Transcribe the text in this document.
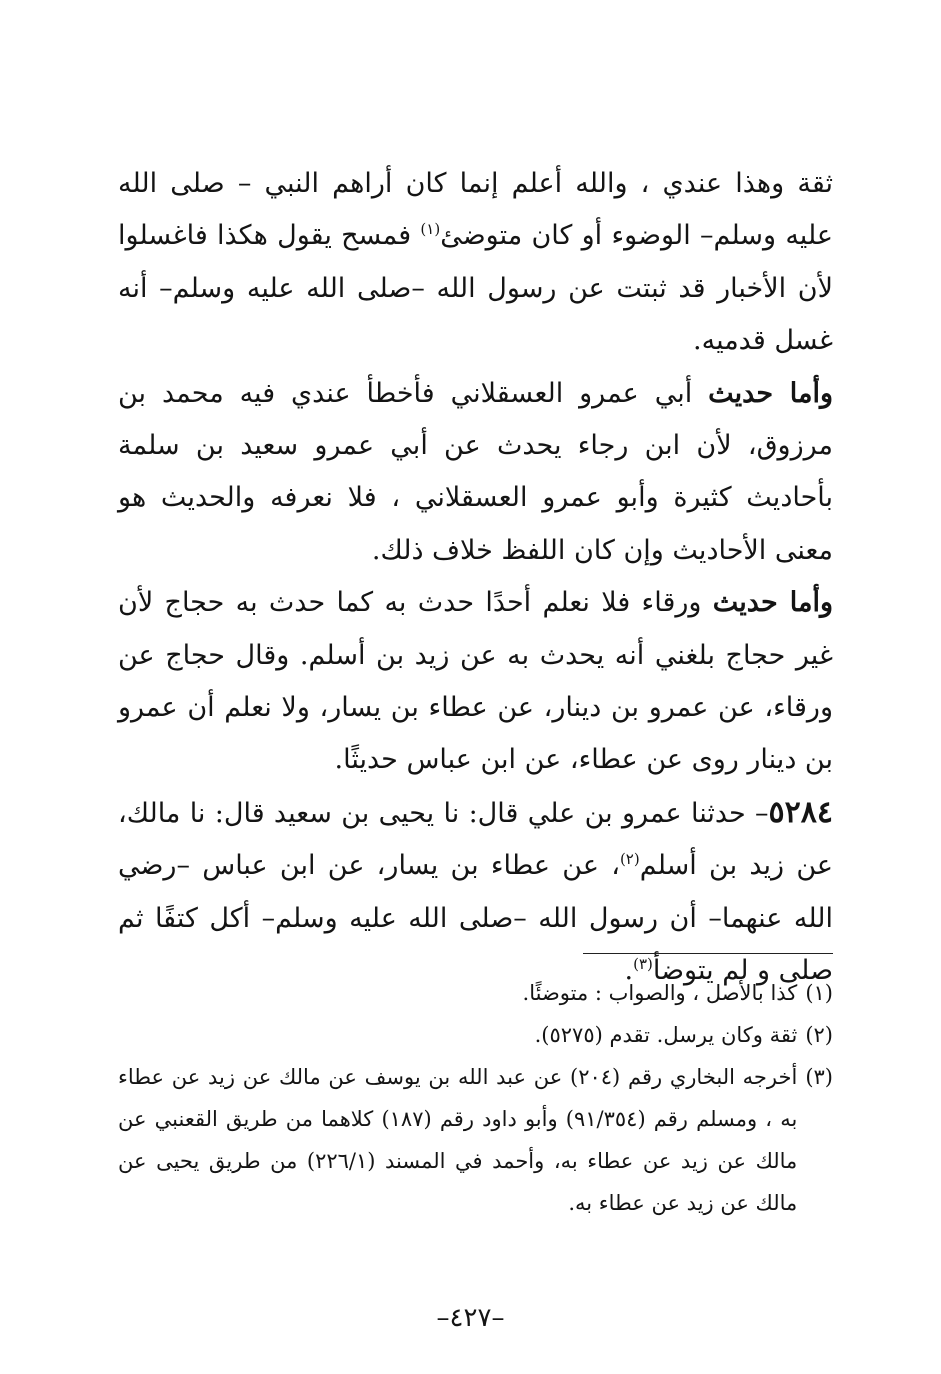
ثقة وهذا عندي ، والله أعلم إنما كان أراهم النبي – صلى الله عليه وسلم– الوضوء أو كان متوضئ$^{(١)}$ فمسح يقول هكذا فاغسلوا لأن الأخبار قد ثبتت عن رسول الله –صلى الله عليه وسلم– أنه غسل قدميه.

وأما حديث أبي عمرو العسقلاني فأخطأ عندي فيه محمد بن مرزوق، لأن ابن رجاء يحدث عن أبي عمرو سعيد بن سلمة بأحاديث كثيرة وأبو عمرو العسقلاني ، فلا نعرفه والحديث هو معنى الأحاديث وإن كان اللفظ خلاف ذلك.

وأما حديث ورقاء فلا نعلم أحدًا حدث به كما حدث به حجاج لأن غير حجاج بلغني أنه يحدث به عن زيد بن أسلم. وقال حجاج عن ورقاء، عن عمرو بن دينار، عن عطاء بن يسار، ولا نعلم أن عمرو بن دينار روى عن عطاء، عن ابن عباس حديثًا.

٥٢٨٤– حدثنا عمرو بن علي قال: نا يحيى بن سعيد قال: نا مالك، عن زيد بن أسلم$^{(٢)}$، عن عطاء بن يسار، عن ابن عباس –رضي الله عنهما– أن رسول الله –صلى الله عليه وسلم– أكل كتفًا ثم صلى و لم يتوضأ$^{(٣)}$.

(١)
كذا بالأصل ، والصواب : متوضئًا.

(٢)
ثقة وكان يرسل. تقدم (٥٢٧٥).

(٣)
أخرجه البخاري رقم (٢٠٤) عن عبد الله بن يوسف عن مالك عن زيد عن عطاء به ، ومسلم رقم (٩١/٣٥٤) وأبو داود رقم (١٨٧) كلاهما من طريق القعنبي عن مالك عن زيد عن عطاء به، وأحمد في المسند (٢٢٦/١) من طريق يحيى عن مالك عن زيد عن عطاء به.

–٤٢٧–
